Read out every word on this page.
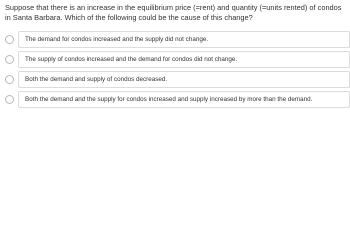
Suppose that there is an increase in the equilibrium price (=rent) and quantity (=units rented) of condos in Santa Barbara. Which of the following could be the cause of this change?

The demand for condos increased and the supply did not change.
The supply of condos increased and the demand for condos did not change.
Both the demand and supply of condos decreased.
Both the demand and the supply for condos increased and supply increased by more than the demand.
